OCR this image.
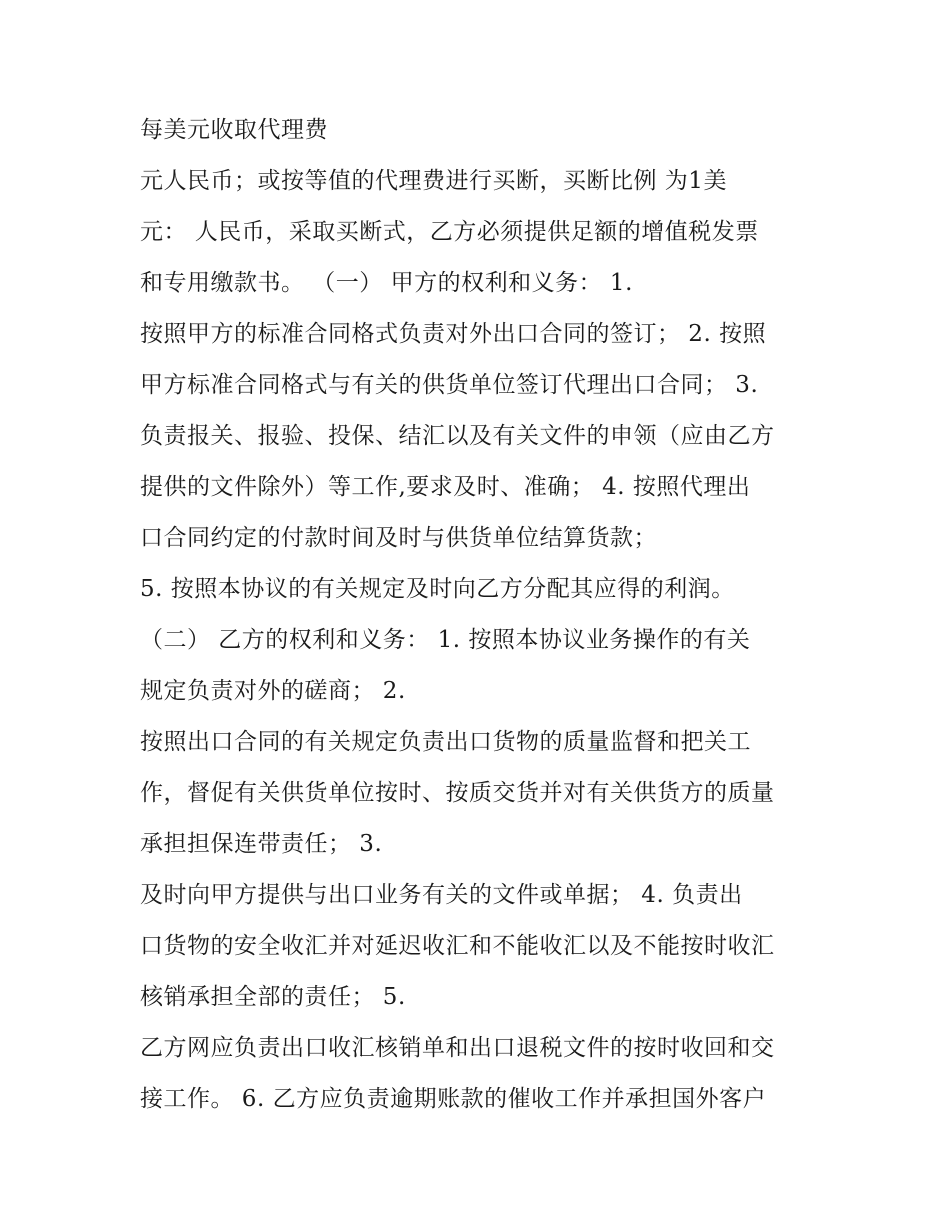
每美元收取代理费
元人民币；或按等值的代理费进行买断，买断比例 为1美
元： 人民币，采取买断式，乙方必须提供足额的增值税发票
和专用缴款书。 （一） 甲方的权利和义务： 1.
按照甲方的标准合同格式负责对外出口合同的签订； 2. 按照
甲方标准合同格式与有关的供货单位签订代理出口合同； 3.
负责报关、报验、投保、结汇以及有关文件的申领（应由乙方
提供的文件除外）等工作,要求及时、准确； 4. 按照代理出
口合同约定的付款时间及时与供货单位结算货款；
5. 按照本协议的有关规定及时向乙方分配其应得的利润。
（二） 乙方的权利和义务： 1. 按照本协议业务操作的有关
规定负责对外的磋商； 2.
按照出口合同的有关规定负责出口货物的质量监督和把关工
作，督促有关供货单位按时、按质交货并对有关供货方的质量
承担担保连带责任； 3.
及时向甲方提供与出口业务有关的文件或单据； 4. 负责出
口货物的安全收汇并对延迟收汇和不能收汇以及不能按时收汇
核销承担全部的责任； 5.
乙方网应负责出口收汇核销单和出口退税文件的按时收回和交
接工作。 6. 乙方应负责逾期账款的催收工作并承担国外客户
